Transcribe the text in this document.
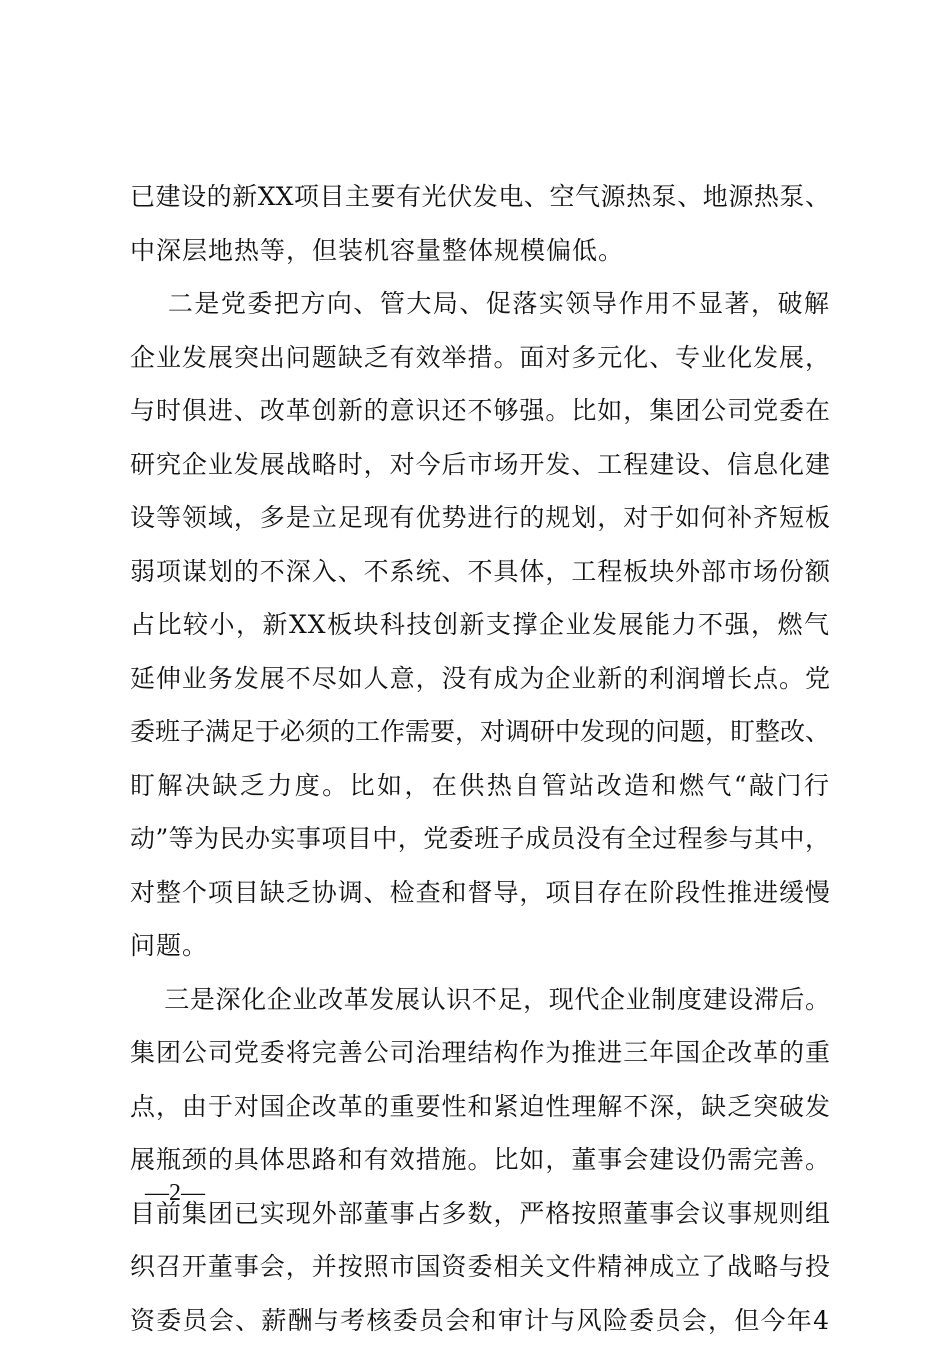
已建设的新XX项目主要有光伏发电、空气源热泵、地源热泵、
中深层地热等，但装机容量整体规模偏低。
二是党委把方向、管大局、促落实领导作用不显著，破解
企业发展突出问题缺乏有效举措。面对多元化、专业化发展，
与时俱进、改革创新的意识还不够强。比如，集团公司党委在
研究企业发展战略时，对今后市场开发、工程建设、信息化建
设等领域，多是立足现有优势进行的规划，对于如何补齐短板
弱项谋划的不深入、不系统、不具体，工程板块外部市场份额
占比较小，新XX板块科技创新支撑企业发展能力不强，燃气
延伸业务发展不尽如人意，没有成为企业新的利润增长点。党
委班子满足于必须的工作需要，对调研中发现的问题，盯整改、
盯解决缺乏力度。比如，在供热自管站改造和燃气“敲门行
动”等为民办实事项目中，党委班子成员没有全过程参与其中，
对整个项目缺乏协调、检查和督导，项目存在阶段性推进缓慢
问题。
三是深化企业改革发展认识不足，现代企业制度建设滞后。
集团公司党委将完善公司治理结构作为推进三年国企改革的重
点，由于对国企改革的重要性和紧迫性理解不深，缺乏突破发
展瓶颈的具体思路和有效措施。比如，董事会建设仍需完善。
目前集团已实现外部董事占多数，严格按照董事会议事规则组
织召开董事会，并按照市国资委相关文件精神成立了战略与投
资委员会、薪酬与考核委员会和审计与风险委员会，但今年4
—2—
